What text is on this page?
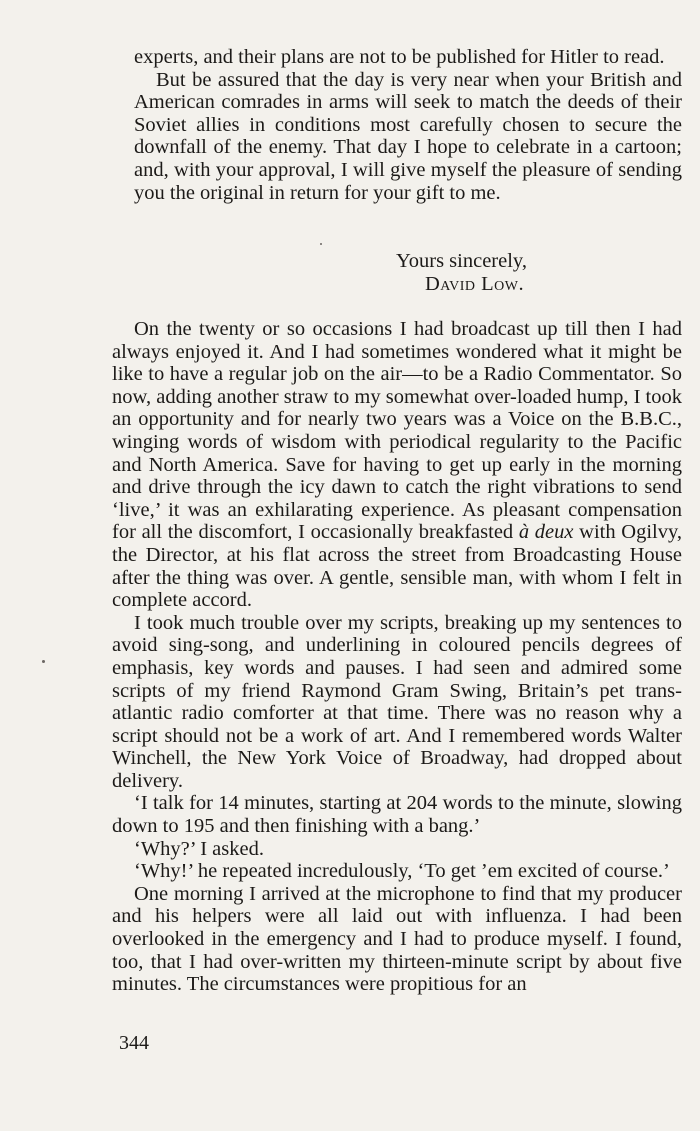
experts, and their plans are not to be published for Hitler to read.

But be assured that the day is very near when your British and American comrades in arms will seek to match the deeds of their Soviet allies in conditions most carefully chosen to secure the downfall of the enemy. That day I hope to celebrate in a cartoon; and, with your approval, I will give myself the pleasure of sending you the original in return for your gift to me.

Yours sincerely,
David Low.

On the twenty or so occasions I had broadcast up till then I had always enjoyed it. And I had sometimes wondered what it might be like to have a regular job on the air—to be a Radio Commentator. So now, adding another straw to my somewhat over-loaded hump, I took an opportunity and for nearly two years was a Voice on the B.B.C., winging words of wisdom with periodical regularity to the Pacific and North America. Save for having to get up early in the morning and drive through the icy dawn to catch the right vibrations to send ‘live,’ it was an exhilarating experience. As pleasant compensation for all the discomfort, I occasionally breakfasted à deux with Ogilvy, the Director, at his flat across the street from Broadcasting House after the thing was over. A gentle, sensible man, with whom I felt in complete accord.

I took much trouble over my scripts, breaking up my sentences to avoid sing-song, and underlining in coloured pencils degrees of emphasis, key words and pauses. I had seen and admired some scripts of my friend Raymond Gram Swing, Britain’s pet trans-atlantic radio comforter at that time. There was no reason why a script should not be a work of art. And I remembered words Walter Winchell, the New York Voice of Broadway, had dropped about delivery.

‘I talk for 14 minutes, starting at 204 words to the minute, slowing down to 195 and then finishing with a bang.’

‘Why?’ I asked.

‘Why!’ he repeated incredulously, ‘To get ’em excited of course.’

One morning I arrived at the microphone to find that my producer and his helpers were all laid out with influenza. I had been overlooked in the emergency and I had to produce myself. I found, too, that I had over-written my thirteen-minute script by about five minutes. The circumstances were propitious for an

344
